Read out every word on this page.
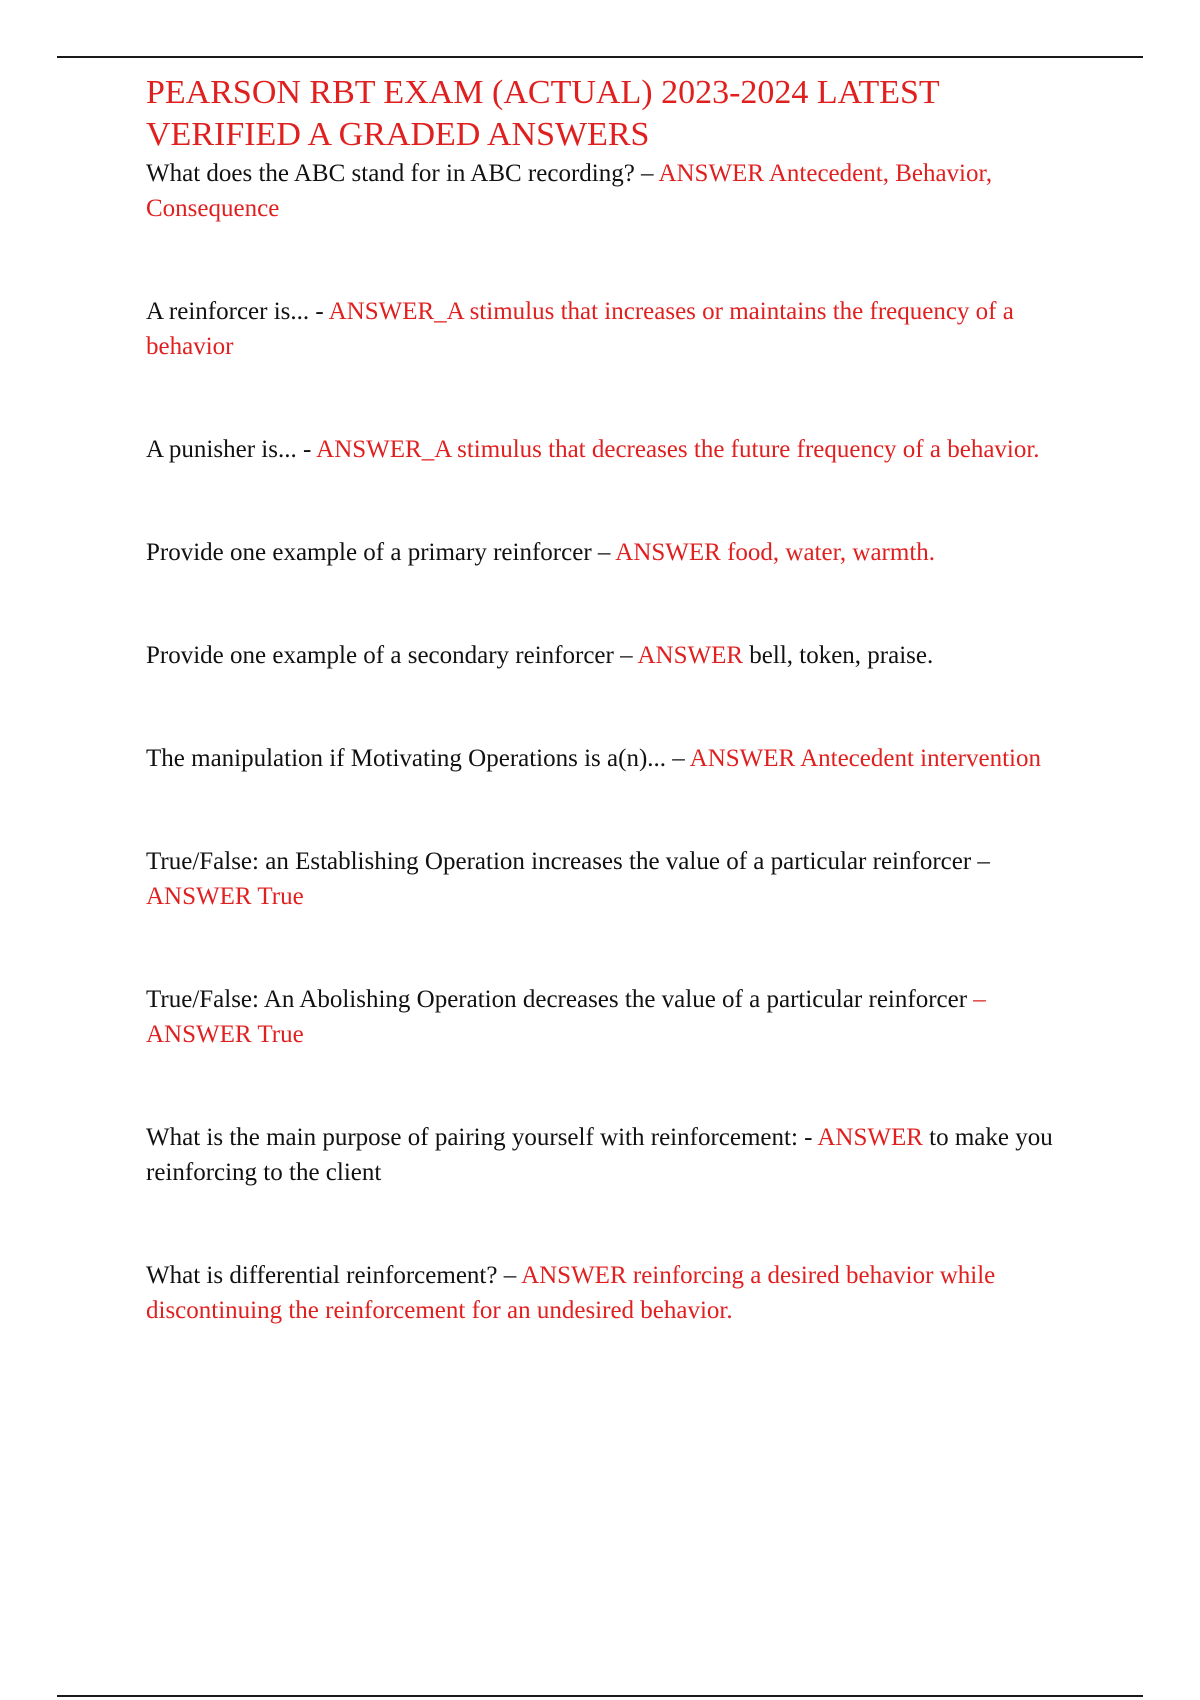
PEARSON RBT EXAM (ACTUAL) 2023-2024 LATEST VERIFIED A GRADED ANSWERS

What does the ABC stand for in ABC recording? – ANSWER Antecedent, Behavior, Consequence

A reinforcer is... - ANSWER_A stimulus that increases or maintains the frequency of a behavior

A punisher is... - ANSWER_A stimulus that decreases the future frequency of a behavior.

Provide one example of a primary reinforcer – ANSWER food, water, warmth.

Provide one example of a secondary reinforcer – ANSWER bell, token, praise.

The manipulation if Motivating Operations is a(n)... – ANSWER Antecedent intervention

True/False: an Establishing Operation increases the value of a particular reinforcer – ANSWER True

True/False: An Abolishing Operation decreases the value of a particular reinforcer – ANSWER True

What is the main purpose of pairing yourself with reinforcement: - ANSWER to make you reinforcing to the client

What is differential reinforcement? – ANSWER reinforcing a desired behavior while discontinuing the reinforcement for an undesired behavior.
